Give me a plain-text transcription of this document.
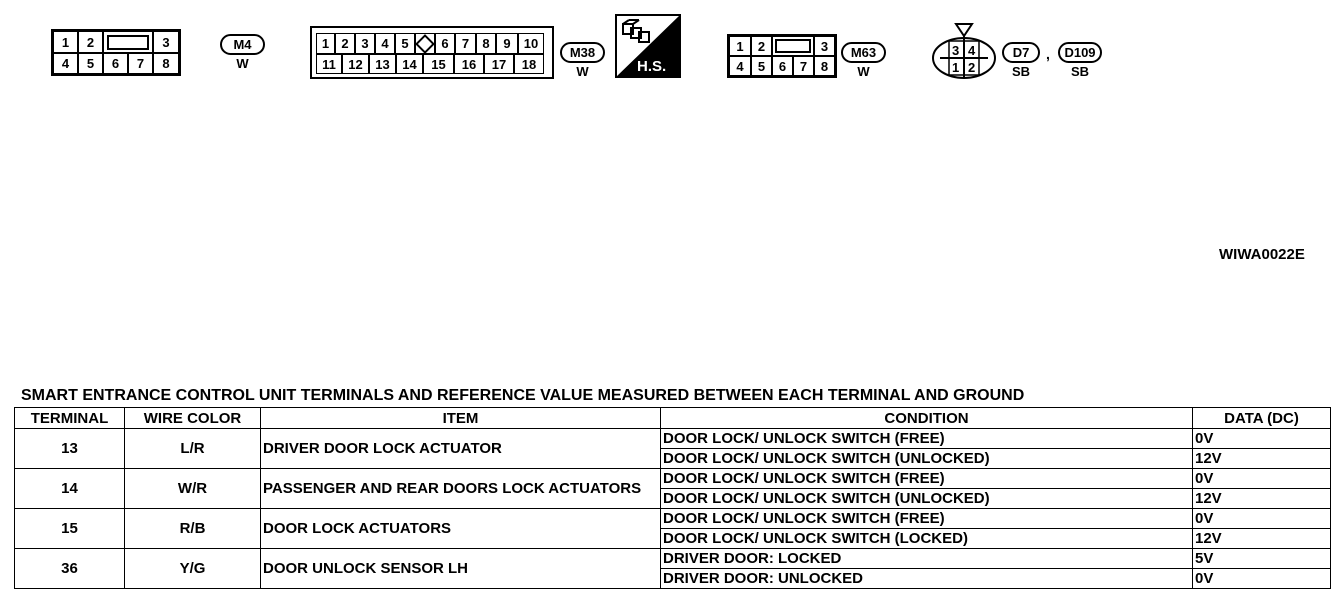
1	2	3
4	5	6	7	8
M4
W
1 2 3 4 5	6	7	8	9	10
11 12 13 14	15	16	17	18
M38
W	H.S.
1	2	3
4	5	6	7	8
M63
W
3 4
1 2
D7
SB
,	D109
SB
WIWA0022E
SMART ENTRANCE CONTROL UNIT TERMINALS AND REFERENCE VALUE MEASURED BETWEEN EACH TERMINAL AND GROUND
TERMINAL	WIRE COLOR	ITEM	CONDITION	DATA (DC)
13	L/R	DRIVER DOOR LOCK ACTUATOR	DOOR LOCK/ UNLOCK SWITCH (FREE)	0V
			DOOR LOCK/ UNLOCK SWITCH (UNLOCKED)	12V
14	W/R	PASSENGER AND REAR DOORS LOCK ACTUATORS	DOOR LOCK/ UNLOCK SWITCH (FREE)	0V
			DOOR LOCK/ UNLOCK SWITCH (UNLOCKED)	12V
15	R/B	DOOR LOCK ACTUATORS	DOOR LOCK/ UNLOCK SWITCH (FREE)	0V
			DOOR LOCK/ UNLOCK SWITCH (LOCKED)	12V
36	Y/G	DOOR UNLOCK SENSOR LH	DRIVER DOOR: LOCKED	5V
			DRIVER DOOR: UNLOCKED	0V
